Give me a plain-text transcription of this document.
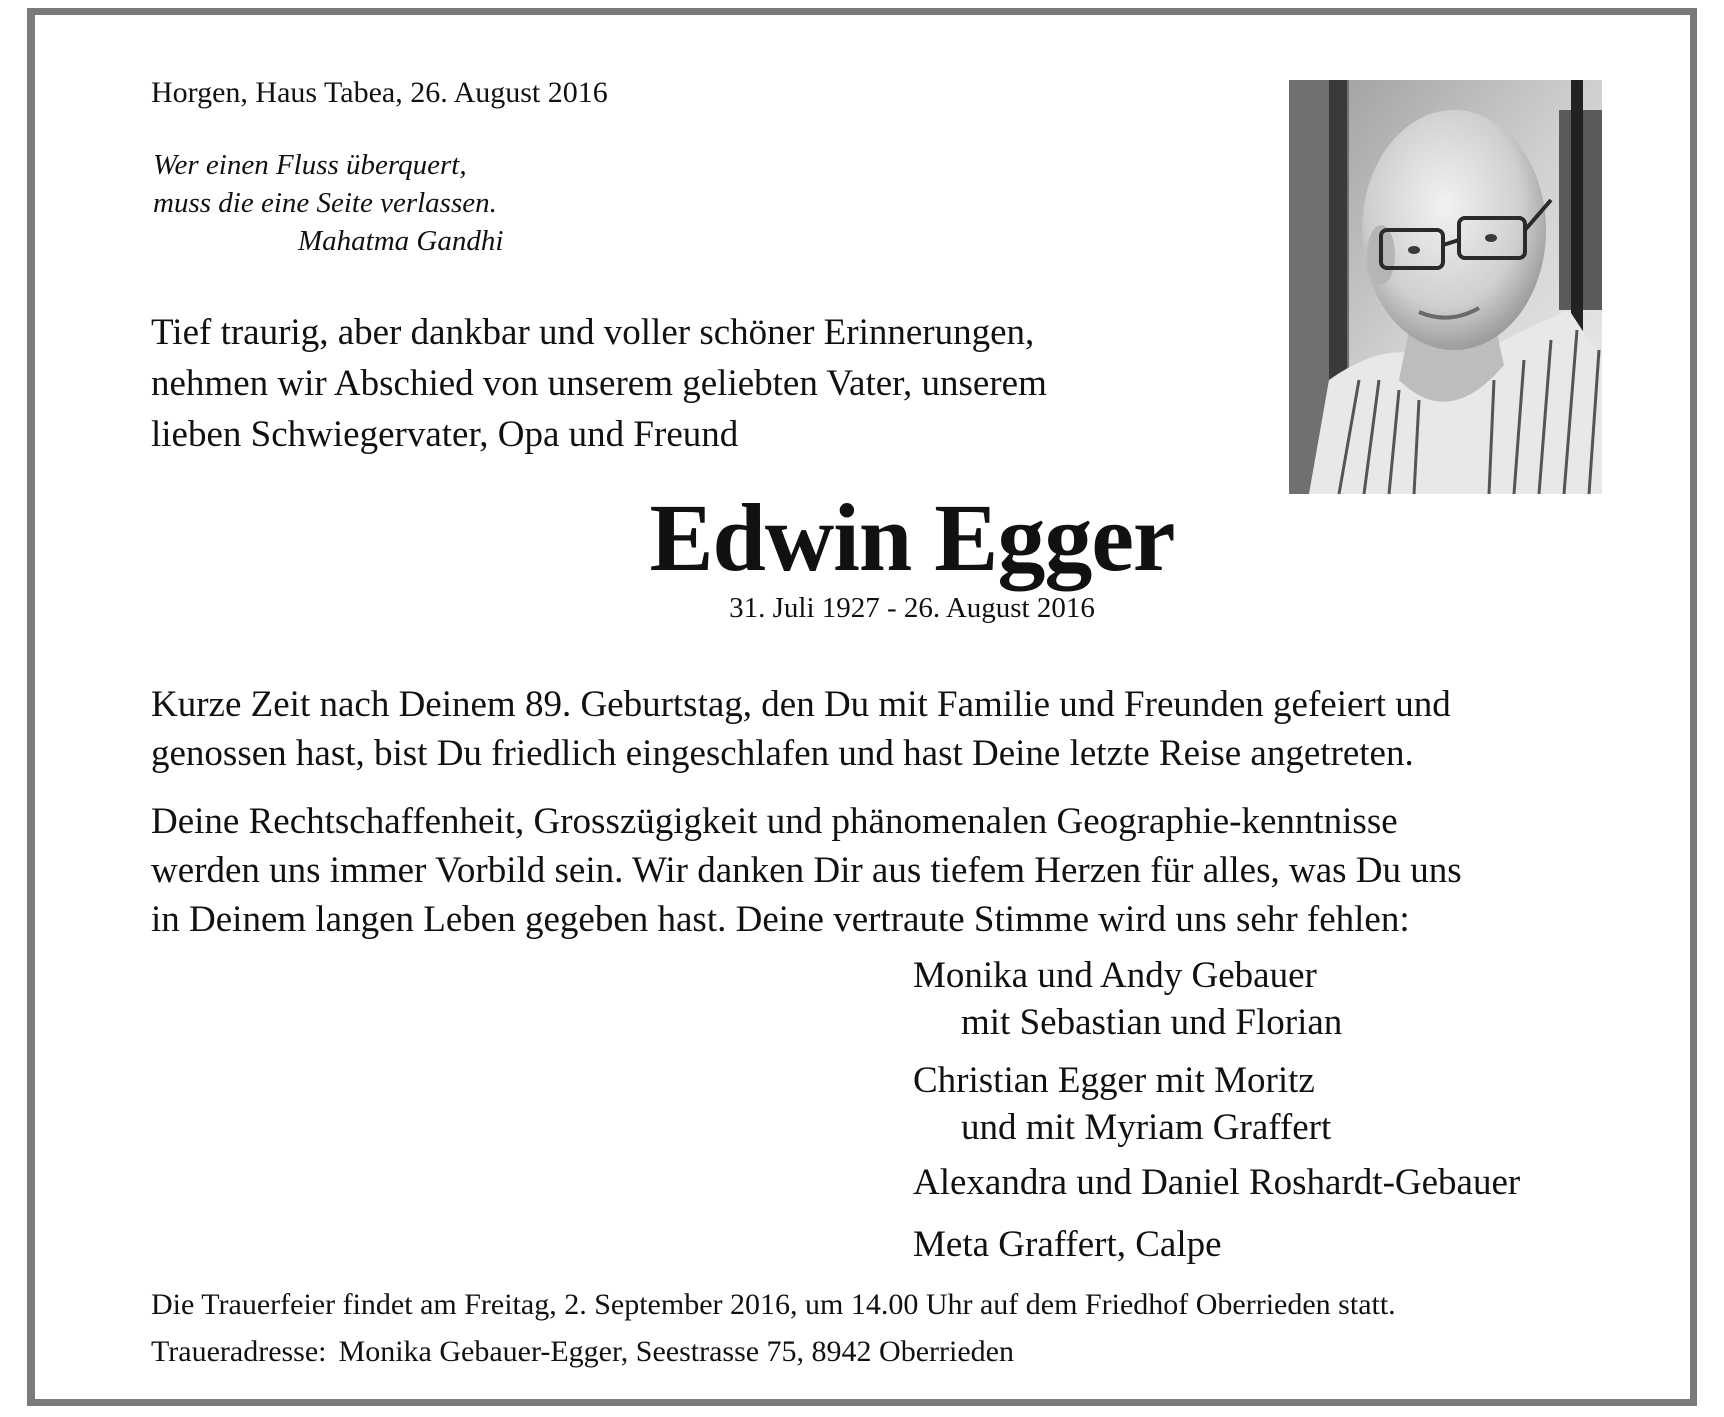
Horgen, Haus Tabea, 26. August 2016
Wer einen Fluss überquert,
muss die eine Seite verlassen.
Mahatma Gandhi
Tief traurig, aber dankbar und voller schöner Erinnerungen,
nehmen wir Abschied von unserem geliebten Vater, unserem
lieben Schwiegervater, Opa und Freund
Edwin Egger
31. Juli 1927 - 26. August 2016
Kurze Zeit nach Deinem 89. Geburtstag, den Du mit Familie und Freunden gefeiert und
genossen hast, bist Du friedlich eingeschlafen und hast Deine letzte Reise angetreten.
Deine Rechtschaffenheit, Grosszügigkeit und phänomenalen Geographie-kenntnisse
werden uns immer Vorbild sein. Wir danken Dir aus tiefem Herzen für alles, was Du uns
in Deinem langen Leben gegeben hast. Deine vertraute Stimme wird uns sehr fehlen:
Monika und Andy Gebauer
mit Sebastian und Florian
Christian Egger mit Moritz
und mit Myriam Graffert
Alexandra und Daniel Roshardt-Gebauer
Meta Graffert, Calpe
Die Trauerfeier findet am Freitag, 2. September 2016, um 14.00 Uhr auf dem Friedhof Oberrieden statt.
Traueradresse: Monika Gebauer-Egger, Seestrasse 75, 8942 Oberrieden
